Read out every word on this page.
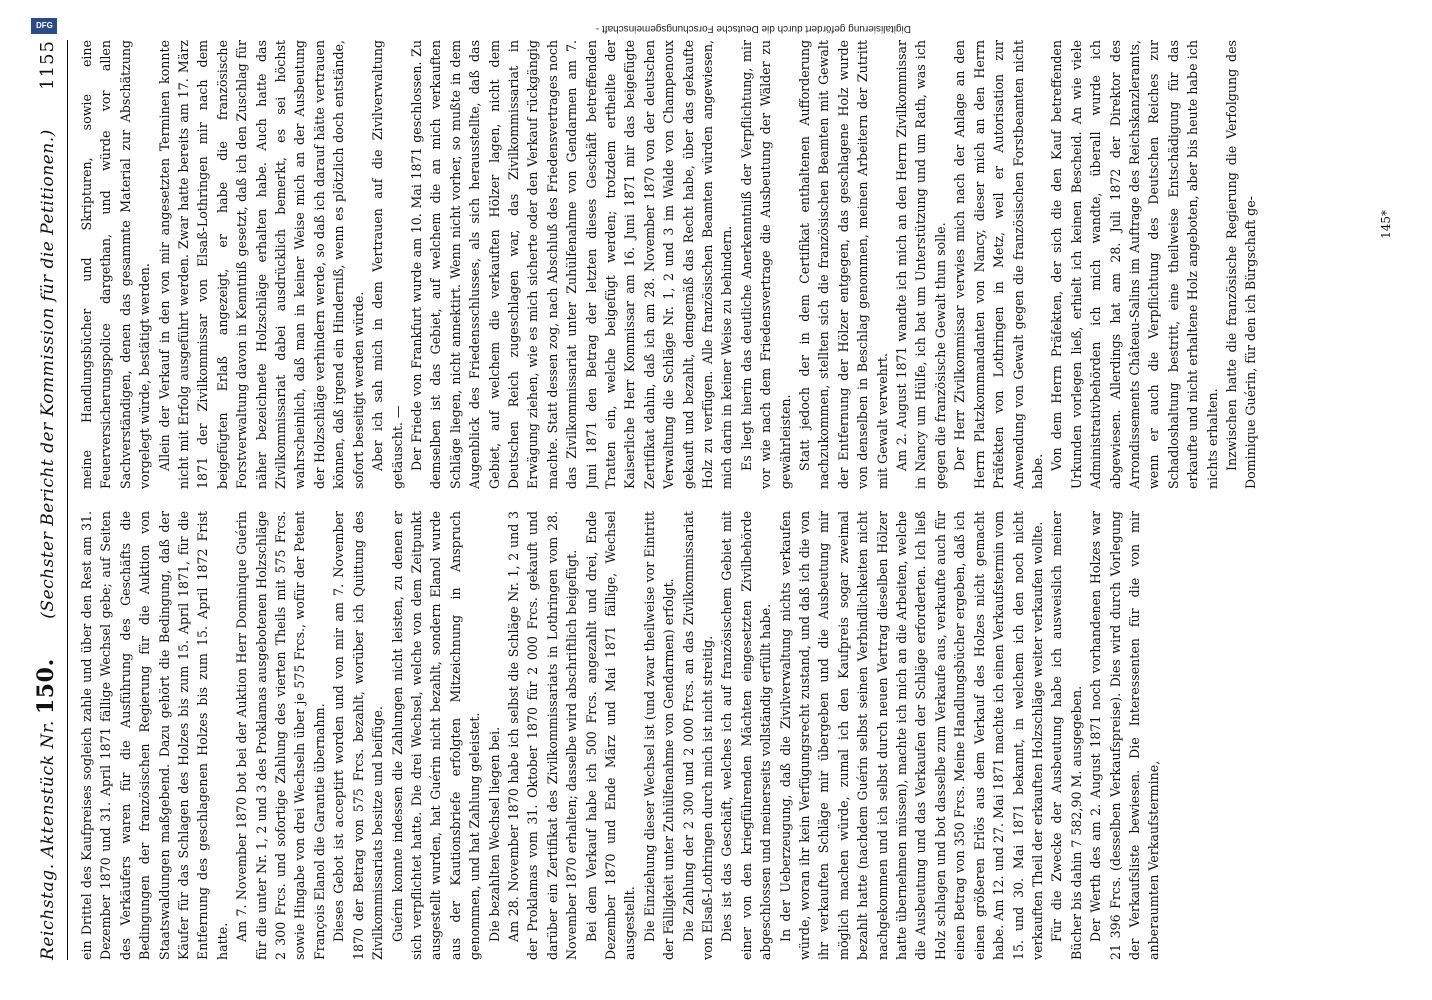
Reichstag. Aktenstück Nr. 150.
(Sechster Bericht der Kommission für die Petitionen.)
1155

ein Drittel des Kaufpreises sogleich zahle und über den Rest am 31. Dezember 1870 und 31. April 1871 fällige Wechsel gebe; auf Seiten des Verkäufers waren für die Ausführung des Geschäfts die Bedingungen der französischen Regierung für die Auktion von Staatswaldungen maßgebend. Dazu gehört die Bedingung, daß der Käufer für das Schlagen des Holzes bis zum 15. April 1871, für die Entfernung des geschlagenen Holzes bis zum 15. April 1872 Frist hatte. Am 7. November 1870 bot bei der Auktion Herr Dominique Guérin für die unter Nr. 1, 2 und 3 des Proklamas ausgebotenen Holzschläge 2 300 Frcs. und sofortige Zahlung des vierten Theils mit 575 Frcs. sowie Hingabe von drei Wechseln über je 575 Frcs., wofür der Petent François Elanol die Garantie übernahm. Dieses Gebot ist acceptirt worden und von mir am 7. November 1870 der Betrag von 575 Frcs. bezahlt, worüber ich Quittung des Zivilkommissariats besitze und beifüge. Guérin konnte indessen die Zahlungen nicht leisten, zu denen er sich verpflichtet hatte. Die drei Wechsel, welche von dem Zeitpunkt ausgestellt wurden, hat Guérin nicht bezahlt, sondern Elanol wurde aus der Kautionsbriefe erfolgten Mitzeichnung in Anspruch genommen, und hat Zahlung geleistet. Die bezahlten Wechsel liegen bei. Am 28. November 1870 habe ich selbst die Schläge Nr. 1, 2 und 3 der Proklamas vom 31. Oktober 1870 für 2 000 Frcs. gekauft und darüber ein Zertifikat des Zivilkommissariats in Lothringen vom 28. November 1870 erhalten; dasselbe wird abschriftlich beigefügt. Bei dem Verkauf habe ich 500 Frcs. angezahlt und drei, Ende Dezember 1870 und Ende März und Mai 1871 fällige, Wechsel ausgestellt. Die Einziehung dieser Wechsel ist (und zwar theilweise vor Eintritt der Fälligkeit unter Zuhülfenahme von Gendarmen) erfolgt. Die Zahlung der 2 300 und 2 000 Frcs. an das Zivilkommissariat von Elsaß-Lothringen durch mich ist nicht streitig. Dies ist das Geschäft, welches ich auf französischem Gebiet mit einer von den kriegführenden Mächten eingesetzten Zivilbehörde abgeschlossen und meinerseits vollständig erfüllt habe. In der Ueberzeugung, daß die Zivilverwaltung nichts verkaufen würde, woran ihr kein Verfügungsrecht zustand, und daß ich die von ihr verkauften Schläge mir übergeben und die Ausbeutung mir möglich machen würde, zumal ich den Kaufpreis sogar zweimal bezahlt hatte (nachdem Guérin selbst seinen Verbindlichkeiten nicht nachgekommen und ich selbst durch neuen Vertrag dieselben Hölzer hatte übernehmen müssen), machte ich mich an die Arbeiten, welche die Ausbeutung und das Verkaufen der Schläge erforderten. Ich ließ Holz schlagen und bot dasselbe zum Verkaufe aus, verkaufte auch für einen Betrag von 350 Frcs. Meine Handlungsbücher ergeben, daß ich einen größeren Erlös aus dem Verkauf des Holzes nicht gemacht habe. Am 12. und 27. Mai 1871 machte ich einen Verkaufstermin vom 15. und 30. Mai 1871 bekannt, in welchem ich den noch nicht verkauften Theil der erkauften Holzschläge weiter verkaufen wollte. Für die Zwecke der Ausbeutung habe ich ausweislich meiner Bücher bis dahin 7 582,90 M. ausgegeben. Der Werth des am 2. August 1871 noch vorhandenen Holzes war 21 396 Frcs. (desselben Verkaufspreise). Dies wird durch Vorlegung der Verkaufsliste bewiesen. Die Interessenten für die von mir anberaumten Verkaufstermine,

meine Handlungsbücher und Skripturen, sowie eine Feuerversicherungspolice dargethan, und würde vor allen Sachverständigen, denen das gesammte Material zur Abschätzung vorgelegt würde, bestätigt werden. Allein der Verkauf in den von mir angesetzten Terminen konnte nicht mit Erfolg ausgeführt werden. Zwar hatte bereits am 17. März 1871 der Zivilkommissar von Elsaß-Lothringen mir nach dem beigefügten Erlaß angezeigt, er habe die französische Forstverwaltung davon in Kenntniß gesetzt, daß ich den Zuschlag für näher bezeichnete Holzschläge erhalten habe. Auch hatte das Zivilkommissariat dabei ausdrücklich bemerkt, es sei höchst wahrscheinlich, daß man in keiner Weise mich an der Ausbeutung der Holzschläge verhindern werde, so daß ich darauf hätte vertrauen können, daß irgend ein Hinderniß, wenn es plötzlich doch entstände, sofort beseitigt werden würde. Aber ich sah mich in dem Vertrauen auf die Zivilverwaltung getäuscht. — Der Friede von Frankfurt wurde am 10. Mai 1871 geschlossen. Zu demselben ist das Gebiet, auf welchem die an mich verkauften Schläge liegen, nicht annektirt. Wenn nicht vorher, so mußte in dem Augenblick des Friedensschlusses, als sich herausstellte, daß das Gebiet, auf welchem die verkauften Hölzer lagen, nicht dem Deutschen Reich zugeschlagen war, das Zivilkommissariat in Erwägung ziehen, wie es mich sicherte oder den Verkauf rückgängig machte. Statt dessen zog, nach Abschluß des Friedensvertrages noch das Zivilkommissariat unter Zuhülfenahme von Gendarmen am 7. Juni 1871 den Betrag der letzten dieses Geschäft betreffenden Tratten ein, welche beigefügt werden; trotzdem ertheilte der Kaiserliche Herr Kommissar am 16. Juni 1871 mir das beigefügte Zertifikat dahin, daß ich am 28. November 1870 von der deutschen Verwaltung die Schläge Nr. 1, 2 und 3 im Walde von Champenoux gekauft und bezahlt, demgemäß das Recht habe, über das gekaufte Holz zu verfügen. Alle französischen Beamten würden angewiesen, mich darin in keiner Weise zu behindern. Es liegt hierin das deutliche Anerkenntniß der Verpflichtung, mir vor wie nach dem Friedensvertrage die Ausbeutung der Wälder zu gewährleisten. Statt jedoch der in dem Certifikat enthaltenen Aufforderung nachzukommen, stellten sich die französischen Beamten mit Gewalt der Entfernung der Hölzer entgegen, das geschlagene Holz wurde von denselben in Beschlag genommen, meinen Arbeitern der Zutritt mit Gewalt verwehrt. Am 2. August 1871 wandte ich mich an den Herrn Zivilkommissar in Nancy um Hülfe, ich bat um Unterstützung und um Rath, was ich gegen die französische Gewalt thun solle. Der Herr Zivilkommissar verwies mich nach der Anlage an den Herrn Platzkommandanten von Nancy, dieser mich an den Herrn Präfekten von Lothringen in Metz, weil er Autorisation zur Anwendung von Gewalt gegen die französischen Forstbeamten nicht habe.

Von dem Herrn Präfekten, der sich die den Kauf betreffenden Urkunden vorlegen ließ, erhielt ich keinen Bescheid. An wie viele Administrativbehörden ich mich wandte, überall wurde ich abgewiesen. Allerdings hat am 28. Juli 1872 der Direktor des Arrondissements Château-Salins im Auftrage des Reichskanzleramts, wenn er auch die Verpflichtung des Deutschen Reiches zur Schadloshaltung bestritt, eine theilweise Entschädigung für das erkaufte und nicht erhaltene Holz angeboten, aber bis heute habe ich nichts erhalten. Inzwischen hatte die französische Regierung die Verfolgung des Dominique Guérin, für den ich Bürgschaft ge-	145*
DFG	Digitalisierung gefördert durch die Deutsche Forschungsgemeinschaft -
